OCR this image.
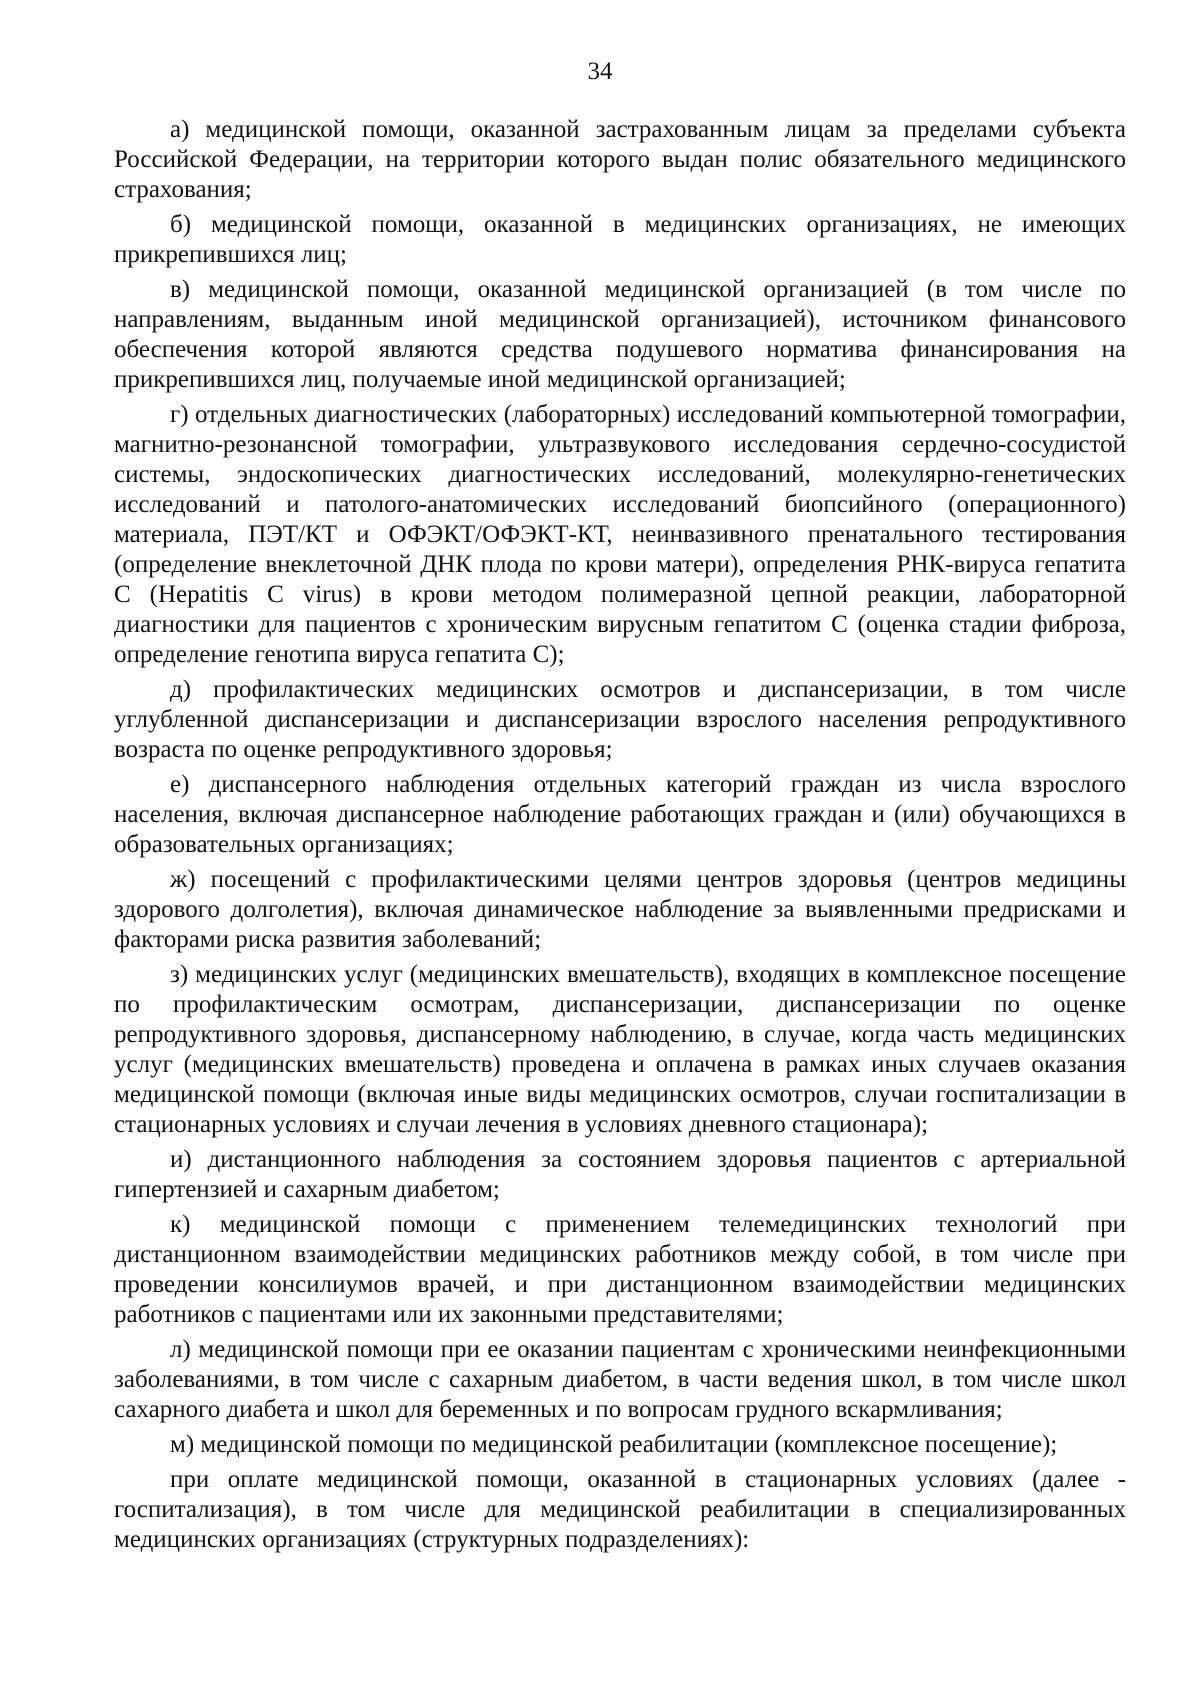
34

а) медицинской помощи, оказанной застрахованным лицам за пределами субъекта Российской Федерации, на территории которого выдан полис обязательного медицинского страхования;

б) медицинской помощи, оказанной в медицинских организациях, не имеющих прикрепившихся лиц;

в) медицинской помощи, оказанной медицинской организацией (в том числе по направлениям, выданным иной медицинской организацией), источником финансового обеспечения которой являются средства подушевого норматива финансирования на прикрепившихся лиц, получаемые иной медицинской организацией;

г) отдельных диагностических (лабораторных) исследований компьютерной томографии, магнитно-резонансной томографии, ультразвукового исследования сердечно-сосудистой системы, эндоскопических диагностических исследований, молекулярно-генетических исследований и патолого-анатомических исследований биопсийного (операционного) материала, ПЭТ/КТ и ОФЭКТ/ОФЭКТ-КТ, неинвазивного пренатального тестирования (определение внеклеточной ДНК плода по крови матери), определения РНК-вируса гепатита С (Hepatitis C virus) в крови методом полимеразной цепной реакции, лабораторной диагностики для пациентов с хроническим вирусным гепатитом С (оценка стадии фиброза, определение генотипа вируса гепатита С);

д) профилактических медицинских осмотров и диспансеризации, в том числе углубленной диспансеризации и диспансеризации взрослого населения репродуктивного возраста по оценке репродуктивного здоровья;

е) диспансерного наблюдения отдельных категорий граждан из числа взрослого населения, включая диспансерное наблюдение работающих граждан и (или) обучающихся в образовательных организациях;

ж) посещений с профилактическими целями центров здоровья (центров медицины здорового долголетия), включая динамическое наблюдение за выявленными предрисками и факторами риска развития заболеваний;

з) медицинских услуг (медицинских вмешательств), входящих в комплексное посещение по профилактическим осмотрам, диспансеризации, диспансеризации по оценке репродуктивного здоровья, диспансерному наблюдению, в случае, когда часть медицинских услуг (медицинских вмешательств) проведена и оплачена в рамках иных случаев оказания медицинской помощи (включая иные виды медицинских осмотров, случаи госпитализации в стационарных условиях и случаи лечения в условиях дневного стационара);

и) дистанционного наблюдения за состоянием здоровья пациентов с артериальной гипертензией и сахарным диабетом;

к) медицинской помощи с применением телемедицинских технологий при дистанционном взаимодействии медицинских работников между собой, в том числе при проведении консилиумов врачей, и при дистанционном взаимодействии медицинских работников с пациентами или их законными представителями;

л) медицинской помощи при ее оказании пациентам с хроническими неинфекционными заболеваниями, в том числе с сахарным диабетом, в части ведения школ, в том числе школ сахарного диабета и школ для беременных и по вопросам грудного вскармливания;

м) медицинской помощи по медицинской реабилитации (комплексное посещение);

при оплате медицинской помощи, оказанной в стационарных условиях (далее - госпитализация), в том числе для медицинской реабилитации в специализированных медицинских организациях (структурных подразделениях):
